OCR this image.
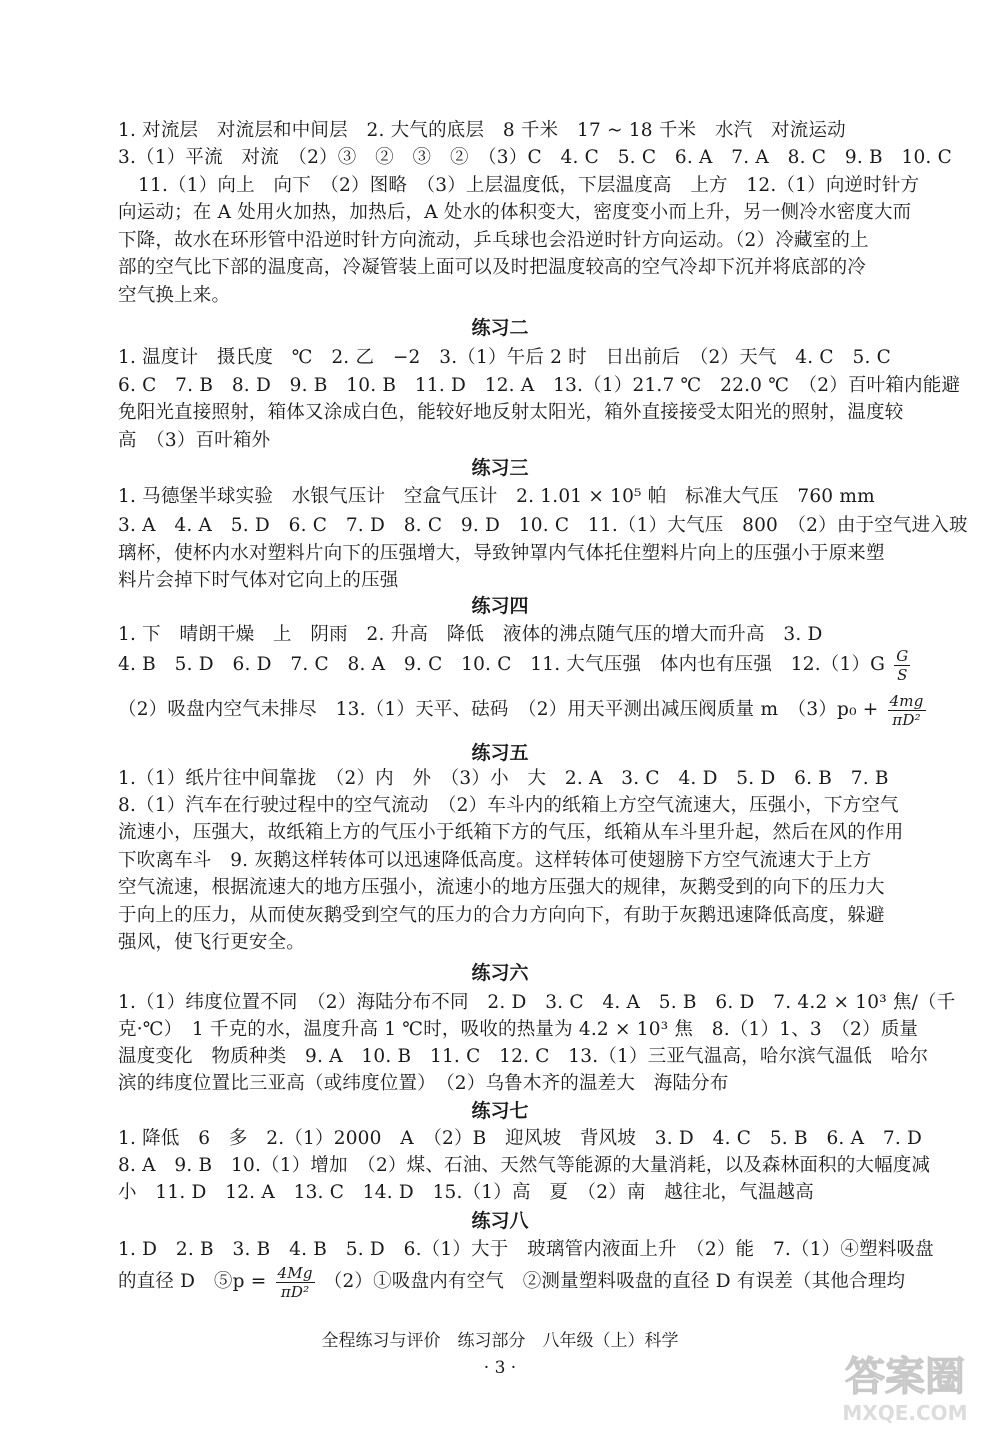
1. 对流层　对流层和中间层　2. 大气的底层　8 千米　17 ~ 18 千米　水汽　对流运动
3.（1）平流　对流　（2）③　②　③　②　（3）C　4. C　5. C　6. A　7. A　8. C　9. B　10. C
11.（1）向上　向下　（2）图略　（3）上层温度低，下层温度高　上方　12.（1）向逆时针方
向运动；在 A 处用火加热，加热后，A 处水的体积变大，密度变小而上升，另一侧冷水密度大而
下降，故水在环形管中沿逆时针方向流动，乒乓球也会沿逆时针方向运动。（2）冷藏室的上
部的空气比下部的温度高，冷凝管装上面可以及时把温度较高的空气冷却下沉并将底部的冷
空气换上来。
练习二
1. 温度计　摄氏度　℃　2. 乙　−2　3.（1）午后 2 时　日出前后　（2）天气　4. C　5. C
6. C　7. B　8. D　9. B　10. B　11. D　12. A　13.（1）21.7 ℃　22.0 ℃　（2）百叶箱内能避
免阳光直接照射，箱体又涂成白色，能较好地反射太阳光，箱外直接接受太阳光的照射，温度较
高　（3）百叶箱外
练习三
1. 马德堡半球实验　水银气压计　空盒气压计　2. 1.01 × 10⁵ 帕　标准大气压　760 mm
3. A　4. A　5. D　6. C　7. D　8. C　9. D　10. C　11.（1）大气压　800　（2）由于空气进入玻
璃杯，使杯内水对塑料片向下的压强增大，导致钟罩内气体托住塑料片向上的压强小于原来塑
料片会掉下时气体对它向上的压强
练习四
1. 下　晴朗干燥　上　阴雨　2. 升高　降低　液体的沸点随气压的增大而升高　3. D
4. B　5. D　6. D　7. C　8. A　9. C　10. C　11. 大气压强　体内也有压强　$12.(1)G \frac{G}{S}$
（2）吸盘内空气未排尽　13.（1）天平、砝码　（2）用天平测出减压阀质量 m　$(3)p_0 + \frac{4mg}{\text{πD²}}$
练习五
1.（1）纸片往中间靠拢　（2）内　外　（3）小　大　2. A　3. C　4. D　5. D　6. B　7. B
8.（1）汽车在行驶过程中的空气流动　（2）车斗内的纸箱上方空气流速大，压强小，下方空气
流速小，压强大，故纸箱上方的气压小于纸箱下方的气压，纸箱从车斗里升起，然后在风的作用
下吹离车斗　9. 灰鹅这样转体可以迅速降低高度。这样转体可使翅膀下方空气流速大于上方
空气流速，根据流速大的地方压强小，流速小的地方压强大的规律，灰鹅受到的向下的压力大
于向上的压力，从而使灰鹅受到空气的压力的合力方向向下，有助于灰鹅迅速降低高度，躲避
强风，使飞行更安全。
练习六
1.（1）纬度位置不同　（2）海陆分布不同　2. D　3. C　4. A　5. B　6. D　7. 4.2 × 10³ 焦/（千
克·℃）　1 千克的水，温度升高 1 ℃时，吸收的热量为 4.2 × 10³ 焦　8.（1）1、3　（2）质量
温度变化　物质种类　9. A　10. B　11. C　12. C　13.（1）三亚气温高，哈尔滨气温低　哈尔
滨的纬度位置比三亚高（或纬度位置）　（2）乌鲁木齐的温差大　海陆分布
练习七
1. 降低　6　多　2.（1）2000　A　（2）B　迎风坡　背风坡　3. D　4. C　5. B　6. A　7. D
8. A　9. B　10.（1）增加　（2）煤、石油、天然气等能源的大量消耗，以及森林面积的大幅度减
小　11. D　12. A　13. C　14. D　15.（1）高　夏　（2）南　越往北，气温越高
练习八
1. D　2. B　3. B　4. B　5. D　6.（1）大于　玻璃管内液面上升　（2）能　7.（1）④塑料吸盘
的直径 D　⑤p = $\frac{4Mg}{\text{πD²}}$ （2）①吸盘内有空气　②测量塑料吸盘的直径 D 有误差（其他合理均
全程练习与评价　练习部分　八年级（上）科学
· 3 ·	答案圈
MXQE.COM
